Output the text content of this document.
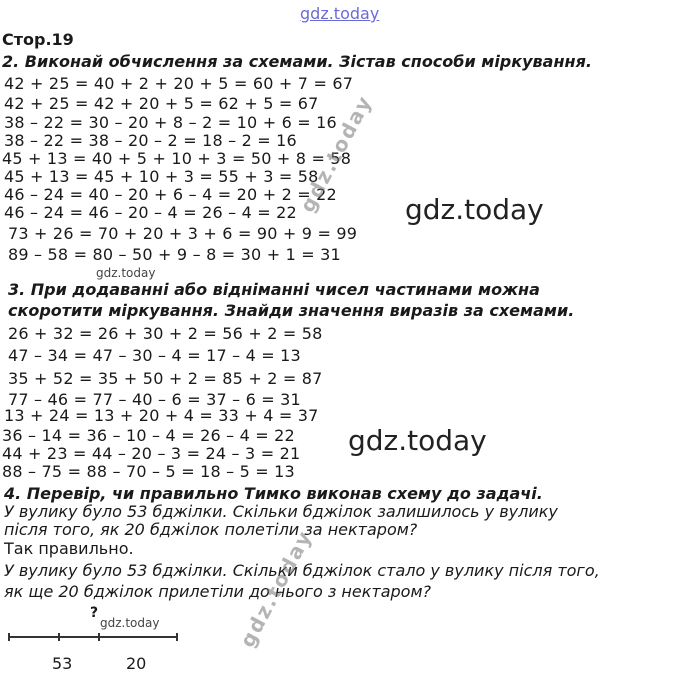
gdz.today
Стор.19
2. Виконай обчислення за схемами. Зістав способи міркування.
42 + 25 = 40 + 2 + 20 + 5 = 60 + 7 = 67
42 + 25 = 42 + 20 + 5 = 62 + 5 = 67
38 – 22 = 30 – 20 + 8 – 2 = 10 + 6 = 16
38 – 22 = 38 – 20 – 2 = 18 – 2 = 16
45 + 13 = 40 + 5 + 10 + 3 = 50 + 8 = 58
45 + 13 = 45 + 10 + 3 = 55 + 3 = 58
46 – 24 = 40 – 20 + 6 – 4 = 20 + 2 = 22
46 – 24 = 46 – 20 – 4 = 26 – 4 = 22
73 + 26 = 70 + 20 + 3 + 6 = 90 + 9 = 99
89 – 58 = 80 – 50 + 9 – 8 = 30 + 1 = 31
gdz.today
gdz.today
3. При додаванні або відніманні чисел частинами можна
скоротити міркування. Знайди значення виразів за схемами.
26 + 32 = 26 + 30 + 2 = 56 + 2 = 58
47 – 34 = 47 – 30 – 4 = 17 – 4 = 13
35 + 52 = 35 + 50 + 2 = 85 + 2 = 87
77 – 46 = 77 – 40 – 6 = 37 – 6 = 31
13 + 24 = 13 + 20 + 4 = 33 + 4 = 37
36 – 14 = 36 – 10 – 4 = 26 – 4 = 22
44 + 23 = 44 – 20 – 3 = 24 – 3 = 21
88 – 75 = 88 – 70 – 5 = 18 – 5 = 13
gdz.today
4. Перевір, чи правильно Тимко виконав схему до задачі.
У вулику було 53 бджілки. Скільки бджілок залишилось у вулику
після того, як 20 бджілок полетіли за нектаром?
Так правильно.
У вулику було 53 бджілки. Скільки бджілок стало у вулику після того,
як ще 20 бджілок прилетіли до нього з нектаром?
?
gdz.today
53	20
gdz.today
gdz.today
